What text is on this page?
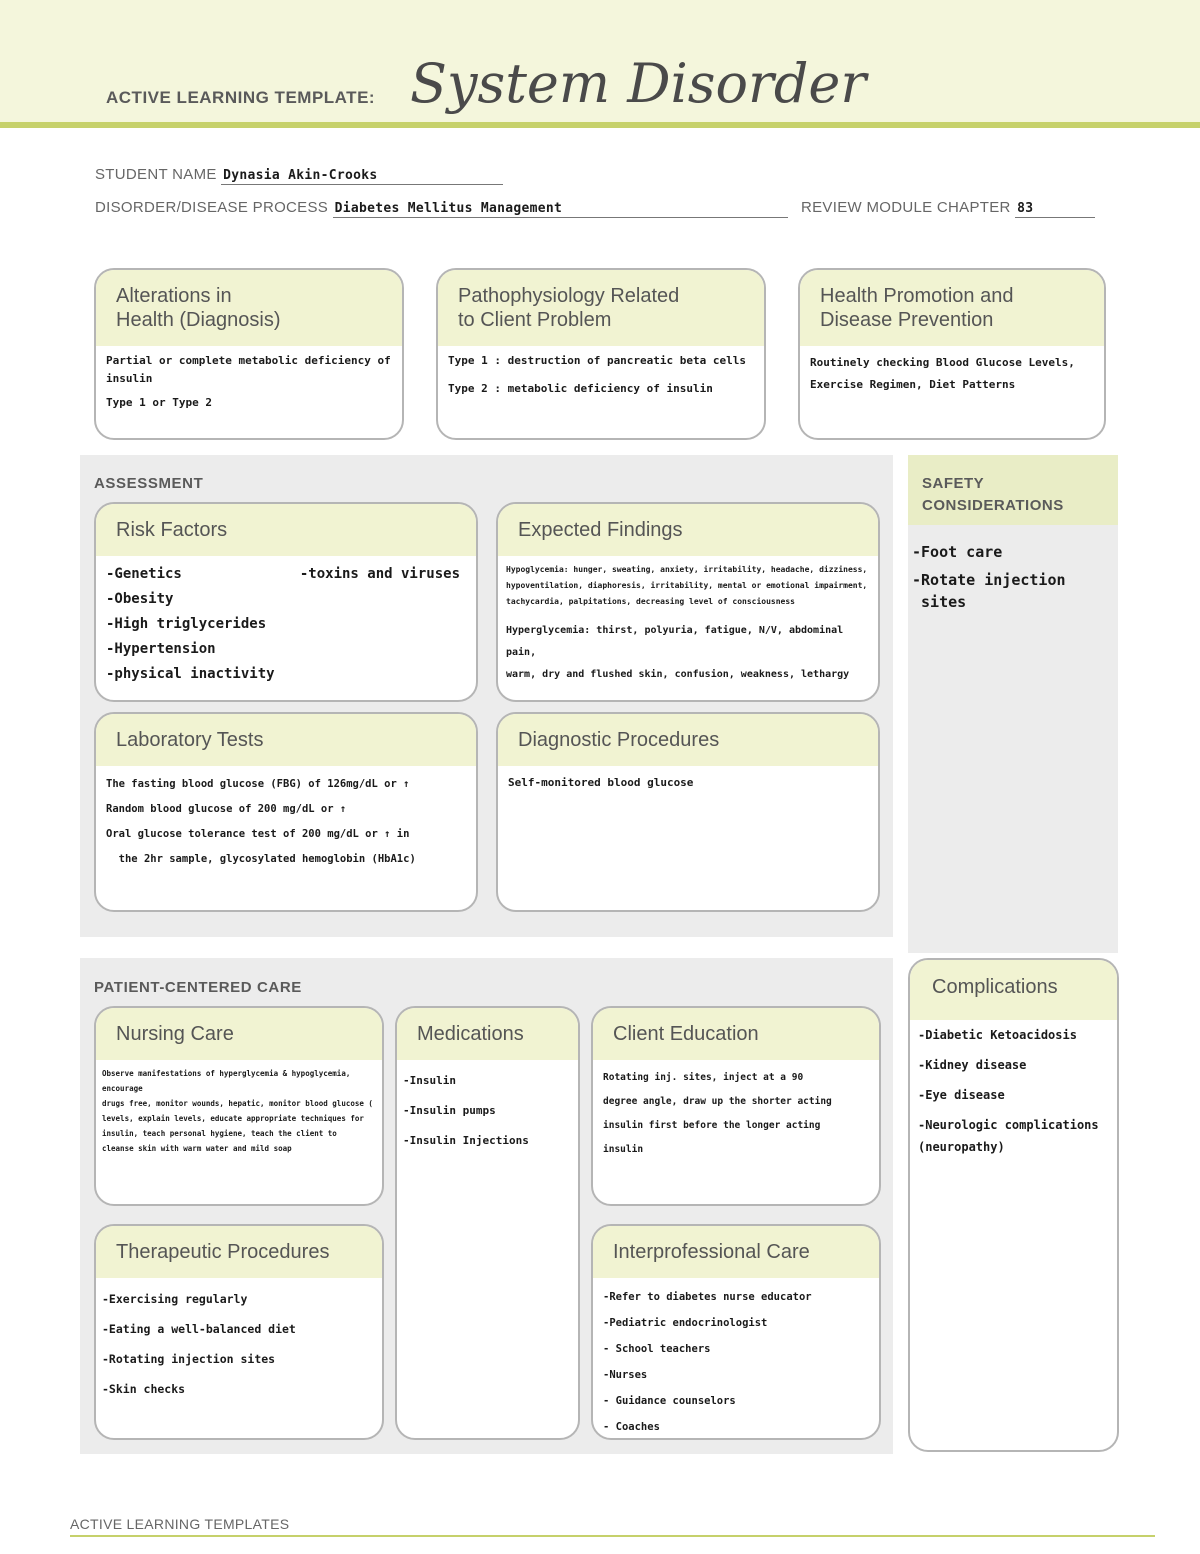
ACTIVE LEARNING TEMPLATE: System Disorder
STUDENT NAME Dynasia Akin-Crooks
DISORDER/DISEASE PROCESS Diabetes Mellitus Management	REVIEW MODULE CHAPTER 83
Alterations in
Health (Diagnosis)
Partial or complete metabolic deficiency of
insulin
Type 1 or Type 2
Pathophysiology Related
to Client Problem
Type 1 : destruction of pancreatic beta cells
Type 2 : metabolic deficiency of insulin
Health Promotion and
Disease Prevention
Routinely checking Blood Glucose Levels,
Exercise Regimen, Diet Patterns
ASSESSMENT
Risk Factors
-Genetics              -toxins and viruses
-Obesity
-High triglycerides
-Hypertension
-physical inactivity
Expected Findings
Hypoglycemia: hunger, sweating, anxiety, irritability, headache, dizziness,
hypoventilation, diaphoresis, irritability, mental or emotional impairment,
tachycardia, palpitations, decreasing level of consciousness
Hyperglycemia: thirst, polyuria, fatigue, N/V, abdominal pain,
warm, dry and flushed skin, confusion, weakness, lethargy
Laboratory Tests
The fasting blood glucose (FBG) of 126mg/dL or ↑
Random blood glucose of 200 mg/dL or ↑
Oral glucose tolerance test of 200 mg/dL or ↑ in
the 2hr sample, glycosylated hemoglobin (HbA1c)
Diagnostic Procedures
Self-monitored blood glucose
SAFETY
CONSIDERATIONS
-Foot care
-Rotate injection
sites
PATIENT-CENTERED CARE
Nursing Care
Observe manifestations of hyperglycemia & hypoglycemia, encourage
drugs free, monitor wounds, hepatic, monitor blood glucose (
levels, explain levels, educate appropriate techniques for
insulin, teach personal hygiene, teach the client to
cleanse skin with warm water and mild soap
Medications
-Insulin
-Insulin pumps
-Insulin Injections
Client Education
Rotating inj. sites, inject at a 90
degree angle, draw up the shorter acting
insulin first before the longer acting
insulin
Therapeutic Procedures
-Exercising regularly
-Eating a well-balanced diet
-Rotating injection sites
-Skin checks
Interprofessional Care
-Refer to diabetes nurse educator
-Pediatric endocrinologist
- School teachers
-Nurses
- Guidance counselors
- Coaches
Complications
-Diabetic Ketoacidosis
-Kidney disease
-Eye disease
-Neurologic complications
(neuropathy)
ACTIVE LEARNING TEMPLATES
